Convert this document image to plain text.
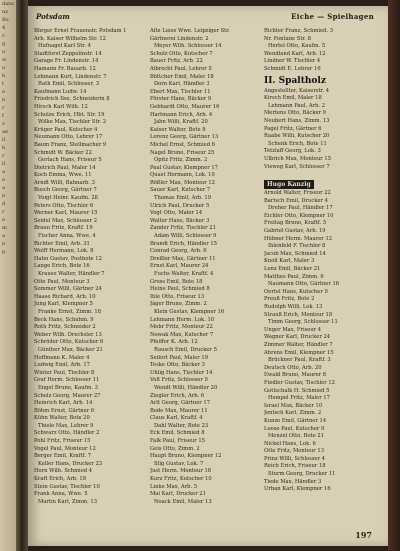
dans
nz
Bo
4
r.
g
u
w
u
h
t
e
n
r
f
z
ae
ll
h
r
ll
a
e
a
n
d
r
e
m
a
n
p
Potsdam	Eiche — Spielhagen
Bürger Ernst Frauenstr. Potsdam 1
Arb. Kaiser Wilhelm Str. 12
Hufnagel Karl Str. 4
Stadtforst Zeppelinstr. 14
Garage Fr. Lindenstr. 14
Hamann Fr. Bauarb. 12
Lehmann Kurt, Lindenstr. 7
Rath Emil, Schlosser, 3
Kaufmann Ludw. 14
Friedrich Ilse, Schneiderin 8
Hirsch Karl Wilh. 12
Schulze Erich, Hbt. Str. 19
Wilke Max, Tischler Str. 2
Krüger Paul, Kutscher 4
Neumann Otto, Lehrer 17
Baum Franz, Stellmacher 9
Schmidt W. Bäcker 22
Gerlach Hans, Friseur 5
Dietrich Paul, Maler 14
Koch Emma, Wwe. 11
Arndt Willi, Bahnarb. 3
Busch Georg, Gärtner 7
Voigt Heinr. Kaufm. 28
Peters Otto, Tischler 6
Werner Karl, Maurer 15
Seidel Max, Schlosser 2
Braun Fritz, Kraftf. 19
Fischer Anna, Wwe. 4
Richter Emil, Arb. 31
Wolff Hermann, Lok. 8
Hahn Gustav, Postbote 12
Lange Erich, Bote 16
Krause Walter, Händler 7
Otto Paul, Monteur 3
Sommer Willi, Gärtner 24
Haase Richard, Arb. 10
Jung Karl, Klempner 5
Franke Ernst, Zimm. 18
Beck Hans, Schuhm. 9
Roth Fritz, Schneider 2
Weber Wilh. Drechsler 13
Schröder Otto, Kutscher 6
Günther Max, Bäcker 21
Hoffmann K. Maler 4
Ludwig Emil, Arb. 17
Winter Paul, Tischler 8
Graf Herm. Schlosser 11
Engel Bruno, Kaufm. 3
Scholz Georg, Maurer 27
Heinrich Karl, Arb. 14
Böhm Ernst, Gärtner 6
Kühn Walter, Bote 20
Thiele Max, Lehrer 9
Schwarz Otto, Händler 2
Pohl Fritz, Friseur 15
Vogel Paul, Monteur 12
Berger Emil, Kraftf. 7
Keller Hans, Drucker 23
Horn Wilh. Schmied 4
Kraft Erich, Arb. 18
Stein Gustav, Tischler 10
Frank Anna, Wwe. 5
Martin Karl, Zimm. 13
Alte Luise Wwe. Leipziger Str.
Gärtnerei Lindenstr. 2
Meyer Wilh. Schlosser 14
Schulz Otto, Kutscher 7
Bauer Fritz, Arb. 22
Albrecht Paul, Lehrer 5
Böttcher Emil, Maler 18
Dorn Karl, Händler 3
Ebert Max, Tischler 11
Förster Hans, Bäcker 9
Gebhardt Otto, Maurer 16
Hartmann Erich, Arb. 4
Jahn Willi, Kraftf. 20
Kaiser Walter, Bote 8
Lorenz Georg, Gärtner 13
Michel Ernst, Schmied 6
Nagel Bruno, Friseur 25
Opitz Fritz, Zimm. 2
Paul Gustav, Klempner 17
Quast Hermann, Lok. 10
Rößler Max, Monteur 12
Sauer Karl, Kutscher 7
Thomas Emil, Arb. 19
Ulrich Paul, Drucker 5
Vogt Otto, Maler 14
Walter Hans, Bäcker 3
Zander Fritz, Tischler 21
Adam Willi, Schlosser 9
Brandt Erich, Händler 15
Conrad Georg, Arb. 6
Dreßler Max, Gärtner 11
Ernst Karl, Maurer 24
Fuchs Walter, Kraftf. 4
Gross Emil, Bote 18
Heine Paul, Schmied 8
Ihle Otto, Friseur 13
Jäger Bruno, Zimm. 2
Klein Gustav, Klempner 16
Lehmann Herm. Lok. 10
Mohr Fritz, Monteur 22
Nowak Max, Kutscher 7
Pfeiffer K. Arb. 12
Rausch Emil, Drucker 5
Seifert Paul, Maler 19
Teske Otto, Bäcker 3
Uhlig Hans, Tischler 14
Voß Fritz, Schlosser 9
Wendt Willi, Händler 20
Ziegler Erich, Arb. 6
Arlt Georg, Gärtner 17
Bode Max, Maurer 11
Claus Karl, Kraftf. 4
Dahl Walter, Bote 23
Eck Emil, Schmied 8
Falk Paul, Friseur 15
Geis Otto, Zimm. 2
Haupt Bruno, Klempner 12
Illig Gustav, Lok. 7
Just Herm. Monteur 18
Kurz Fritz, Kutscher 10
Linke Max, Arb. 5
Mai Karl, Drucker 21
Noack Emil, Maler 13
Richter Franz, Schmied. 3
Nr. Fontane Str. 8
Hertel Otto, Kaufm. 5
Wendland Karl, Arb. 12
Lindner W. Tischler 4
Schmidt E. Lehrer 16
II. Spaltholz
Angestellter, Kaiserstr. 4
Kirsch Emil, Maler 18
Lehmann Paul, Arb. 2
Mertens Otto, Bäcker 9
Neubert Hans, Zimm. 13
Pagel Fritz, Gärtner 6
Raabe Willi, Kutscher 20
Schenk Erich, Bote 11
Tetzlaff Georg, Lok. 3
Ulbrich Max, Monteur 15
Vieweg Karl, Schlosser 7
Hugo Kanzig
Arnold Walter, Friseur 22
Bartsch Emil, Drucker 4
Dreher Paul, Händler 17
Eichler Otto, Klempner 10
Freitag Bruno, Kraftf. 5
Gabriel Gustav, Arb. 19
Hübner Herm. Maurer 12
Ihlenfeld F. Tischler 8
Jacob Max, Schmied 14
Knoll Karl, Maler 3
Lenz Emil, Bäcker 21
Matthes Paul, Zimm. 6
Naumann Otto, Gärtner 16
Oertel Hans, Kutscher 9
Preuß Fritz, Bote 2
Rudolph Willi, Lok. 13
Strauß Erich, Monteur 18
Timm Georg, Schlosser 11
Unger Max, Friseur 4
Wagner Karl, Drucker 24
Zimmer Walter, Händler 7
Ahrens Emil, Klempner 15
Brückner Paul, Kraftf. 3
Deutsch Otto, Arb. 20
Ewald Bruno, Maurer 8
Fiedler Gustav, Tischler 12
Gottschalk H. Schmied 5
Hempel Fritz, Maler 17
Israel Max, Bäcker 10
Jentsch Karl, Zimm. 2
Kunze Emil, Gärtner 14
Loose Paul, Kutscher 9
Menzel Otto, Bote 21
Nickel Hans, Lok. 6
Otte Fritz, Monteur 13
Prinz Willi, Schlosser 4
Reich Erich, Friseur 18
Sturm Georg, Drucker 11
Tiede Max, Händler 3
Urban Karl, Klempner 16
197
